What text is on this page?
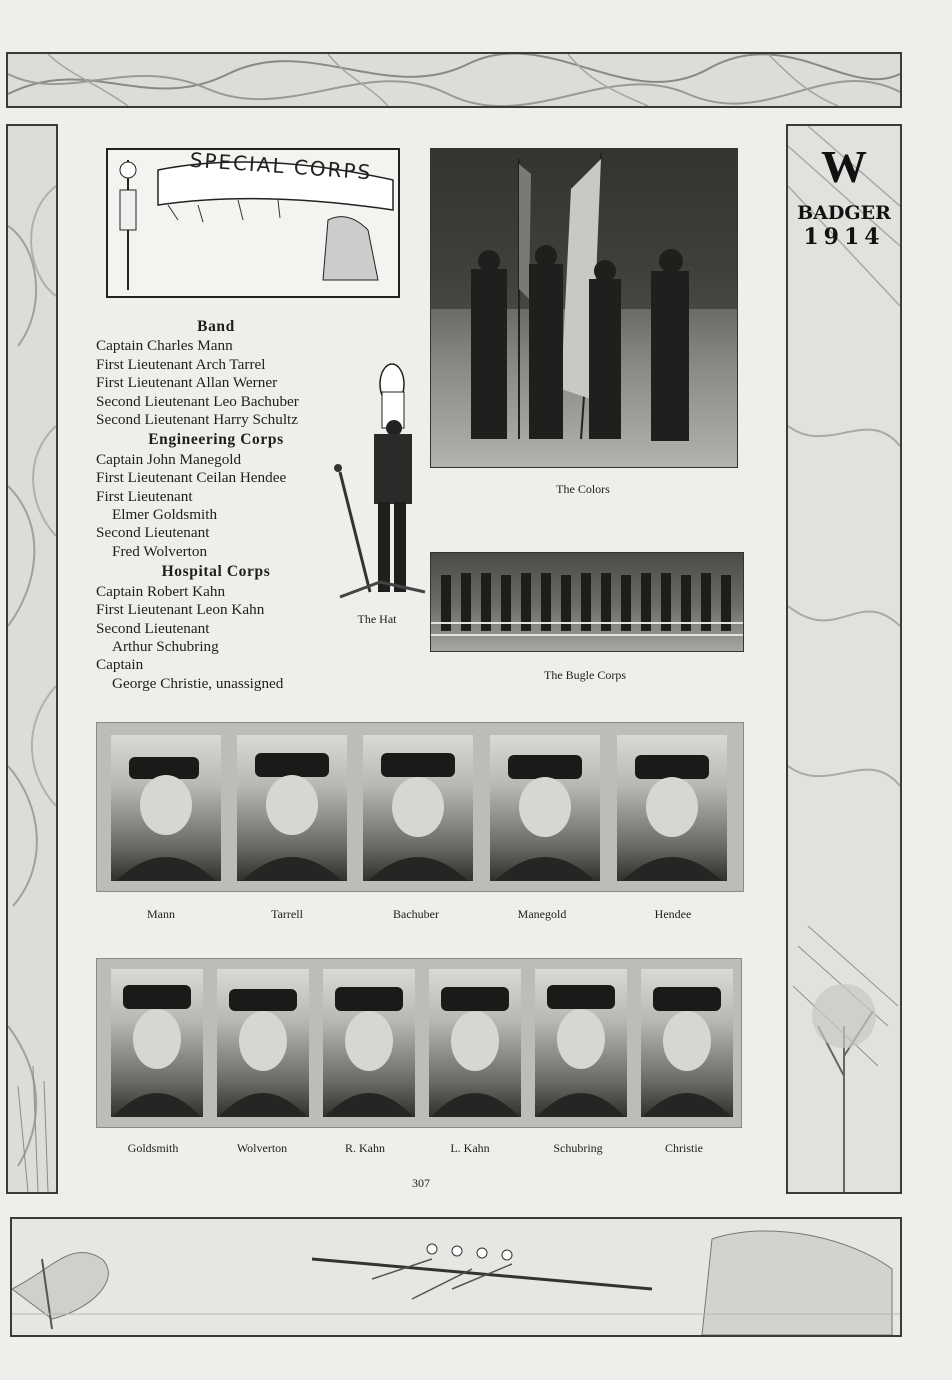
W
BADGER
1914
SPECIAL CORPS
Band
Captain Charles Mann
First Lieutenant Arch Tarrel
First Lieutenant Allan Werner
Second Lieutenant Leo Bachuber
Second Lieutenant Harry Schultz
Engineering Corps
Captain John Manegold
First Lieutenant Ceilan Hendee
First Lieutenant
Elmer Goldsmith
Second Lieutenant
Fred Wolverton
Hospital Corps
Captain Robert Kahn
First Lieutenant Leon Kahn
Second Lieutenant
Arthur Schubring
Captain
George Christie, unassigned
The Colors
The Hat
The Bugle Corps
Mann	Tarrell	Bachuber	Manegold	Hendee
Goldsmith	Wolverton	R. Kahn	L. Kahn	Schubring	Christie
307
